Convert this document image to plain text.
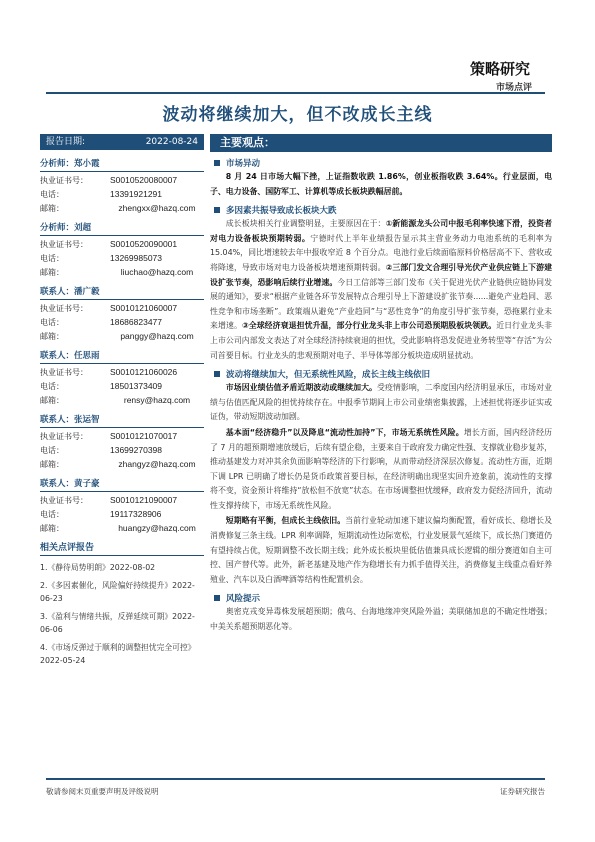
策略研究
市场点评
波动将继续加大，但不改成长主线
报告日期:	2022-08-24
分析师：郑小霞
执业证书号：	S0010520080007
电话：	13391921291
邮箱：	zhengxx@hazq.com
分析师：刘超
执业证书号：	S0010520090001
电话：	13269985073
邮箱：	liuchao@hazq.com
联系人：潘广毅
执业证书号：	S0010121060007
电话：	18686823477
邮箱：	panggy@hazq.com
联系人：任思雨
执业证书号：	S0010121060026
电话：	18501373409
邮箱：	rensy@hazq.com
联系人：张运智
执业证书号：	S0010121070017
电话：	13699270398
邮箱：	zhangyz@hazq.com
联系人：黄子豪
执业证书号：	S0010121090007
电话：	19117328906
邮箱：	huangzy@hazq.com
相关点评报告
1.《静待局势明朗》2022-08-02
2.《多因素催化，风险偏好持续提升》2022-06-23
3.《盈利与情绪共振，反弹延续可期》2022-06-06
4.《市场反弹过于顺利的调整担忧完全可控》2022-05-24
主要观点：
市场异动

8 月 24 日市场大幅下挫，上证指数收跌 1.86%，创业板指收跌 3.64%。行业层面，电子、电力设备、国防军工、计算机等成长板块跌幅居前。

多因素共振导致成长板块大跌

成长板块相关行业调整明显，主要原因在于：①新能源龙头公司中报毛利率快速下滑，投资者对电力设备板块预期转弱。宁德时代上半年业绩报告显示其主营业务动力电池系统的毛利率为 15.04%，同比增速较去年中报收窄近 8 个百分点。电池行业后续面临原料价格居高不下、营收或将降速，导致市场对电力设备板块增速预期转弱。②三部门发文合理引导光伏产业供应链上下游建设扩张节奏，恐影响后续行业增速。今日工信部等三部门发布《关于促进光伏产业链供应链协同发展的通知》，要求“根据产业链各环节发展特点合理引导上下游建设扩张节奏......避免产业趋同、恶性竞争和市场垄断”。政策端从避免“产业趋同”与“恶性竞争”的角度引导扩张节奏，恐拖累行业未来增速。③全球经济衰退担忧升温，部分行业龙头非上市公司恐预期股板块领跌。近日行业龙头非上市公司内部发文表达了对全球经济持续衰退的担忧，受此影响将恐发促进业务转型等“存活”为公司首要目标。行业龙头的悲观预期对电子、半导体等部分板块造成明显扰动。

波动将继续加大，但无系统性风险，成长主线主线依旧

市场因业绩估值矛盾近期波动或继续加大。受疫情影响，二季度国内经济明显承压，市场对业绩与估值匹配风险的担忧持续存在。中报季节期间上市公司业绩密集披露，上述担忧将逐步证实或证伪，带动短期波动加剧。

基本面“经济稳升”以及降息“流动性加持”下，市场无系统性风险。增长方面，国内经济经历了 7 月的超预期增速放缓后，后续有望企稳，主要来自于政府发力确定性强、支撑就业稳步复苏，推动基建发力对冲其余负面影响等经济的下行影响，从而带动经济深层次修复。流动性方面，近期下调 LPR 已明确了增长仍是货币政策首要目标，在经济明确出现坚实回升迹象前，流动性的支撑将不变，资金预计将维持“放松但不放宽”状态。在市场调整担忧缓释，政府发力促经济回升，流动性支撑持续下，市场无系统性风险。

短期略有平衡，但成长主线依旧。当前行业轮动加速下建议偏均衡配置，看好成长、稳增长及消费修复三条主线。LPR 利率调降，短期流动性边际宽松，行业发展景气延续下，成长热门赛道仍有望持续占优，短期调整不改长期主线；此外成长板块里低估值兼具成长逻辑的细分赛道如自主可控、国产替代等。此外，新老基建及地产作为稳增长有力抓手值得关注，消费修复主线重点看好养殖业、汽车以及白酒啤酒等结构性配置机会。

风险提示

奥密克戎变异毒株发展超预期；俄乌、台海地缘冲突风险外溢；美联储加息的不确定性增强；中美关系超预期恶化等。

敬请参阅末页重要声明及评级说明	证券研究报告
